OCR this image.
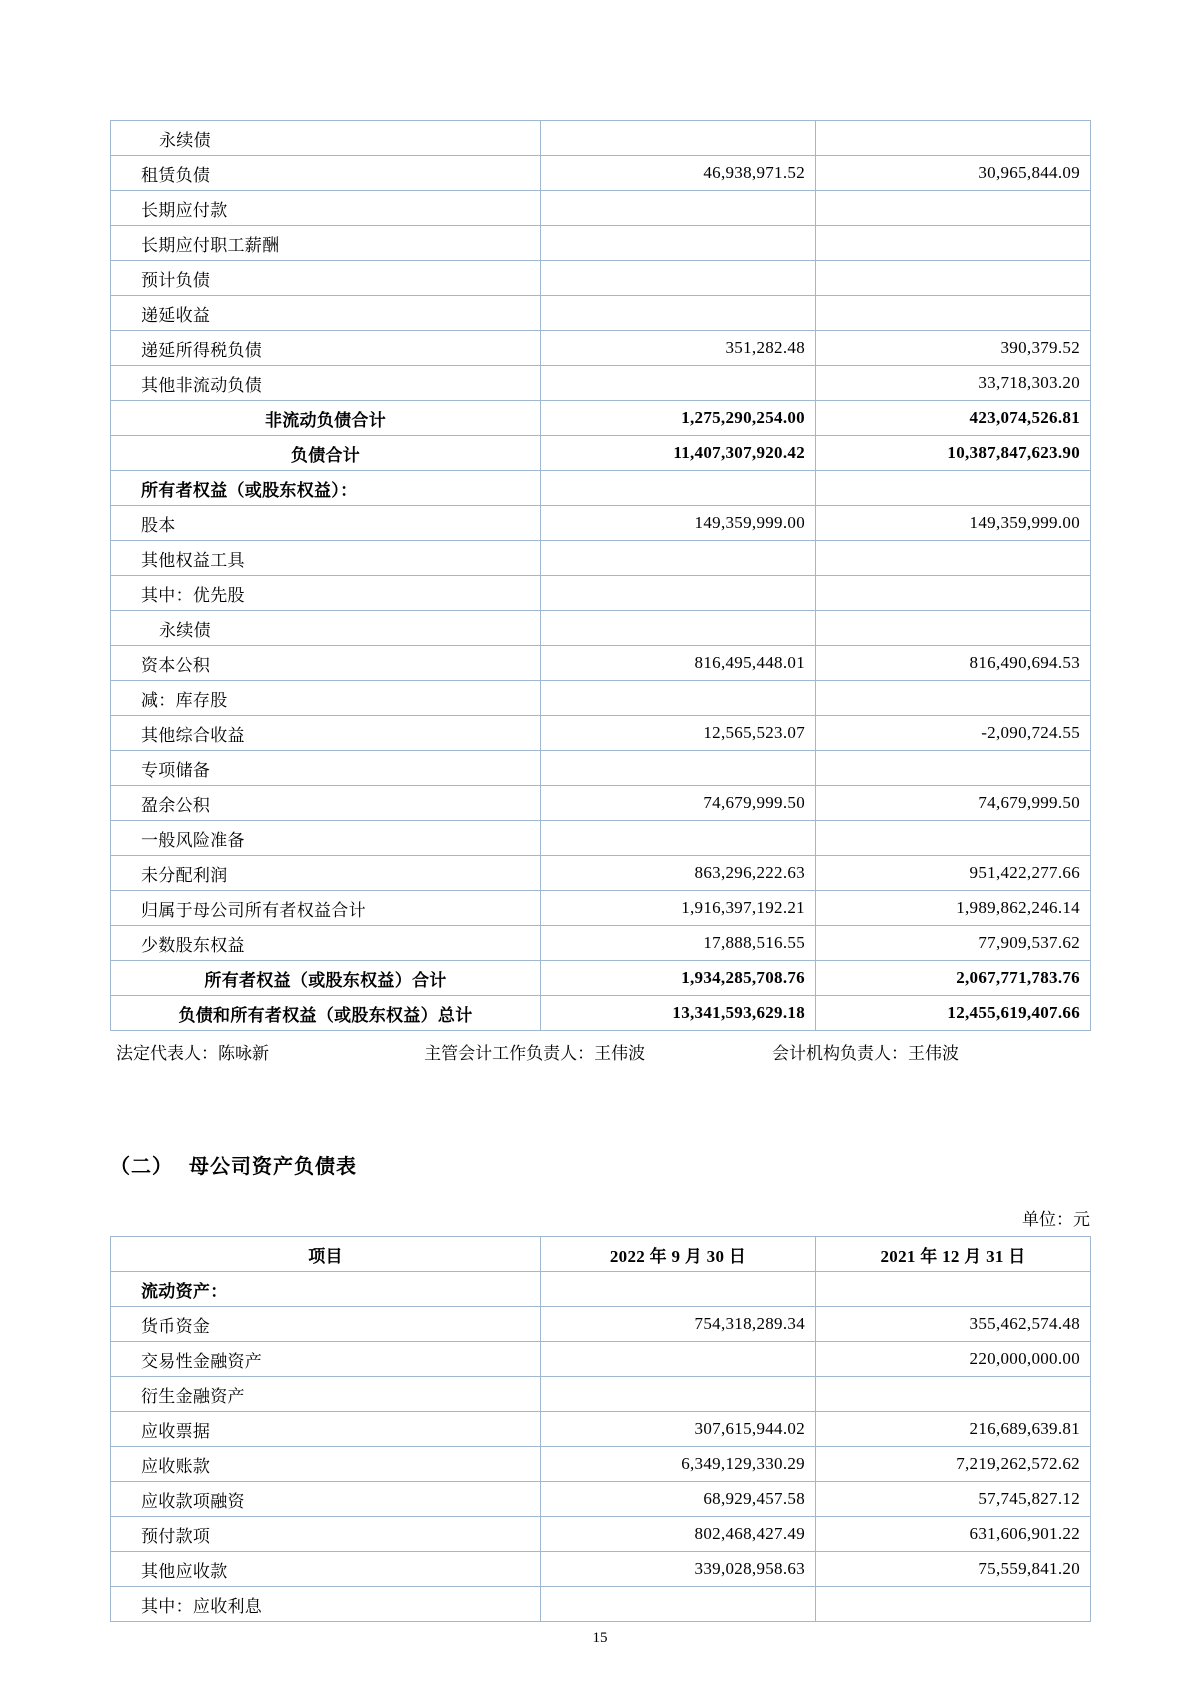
永续债		
租赁负债	46,938,971.52	30,965,844.09
长期应付款		
长期应付职工薪酬		
预计负债		
递延收益		
递延所得税负债	351,282.48	390,379.52
其他非流动负债		33,718,303.20
非流动负债合计	1,275,290,254.00	423,074,526.81
负债合计	11,407,307,920.42	10,387,847,623.90
所有者权益（或股东权益）：		
股本	149,359,999.00	149,359,999.00
其他权益工具		
其中：优先股		
永续债		
资本公积	816,495,448.01	816,490,694.53
减：库存股		
其他综合收益	12,565,523.07	-2,090,724.55
专项储备		
盈余公积	74,679,999.50	74,679,999.50
一般风险准备		
未分配利润	863,296,222.63	951,422,277.66
归属于母公司所有者权益合计	1,916,397,192.21	1,989,862,246.14
少数股东权益	17,888,516.55	77,909,537.62
所有者权益（或股东权益）合计	1,934,285,708.76	2,067,771,783.76
负债和所有者权益（或股东权益）总计	13,341,593,629.18	12,455,619,407.66
法定代表人：陈咏新	主管会计工作负责人：王伟波	会计机构负责人：王伟波
（二） 母公司资产负债表
单位：元
项目	2022 年 9 月 30 日	2021 年 12 月 31 日
流动资产：		
货币资金	754,318,289.34	355,462,574.48
交易性金融资产		220,000,000.00
衍生金融资产		
应收票据	307,615,944.02	216,689,639.81
应收账款	6,349,129,330.29	7,219,262,572.62
应收款项融资	68,929,457.58	57,745,827.12
预付款项	802,468,427.49	631,606,901.22
其他应收款	339,028,958.63	75,559,841.20
其中：应收利息		
15
